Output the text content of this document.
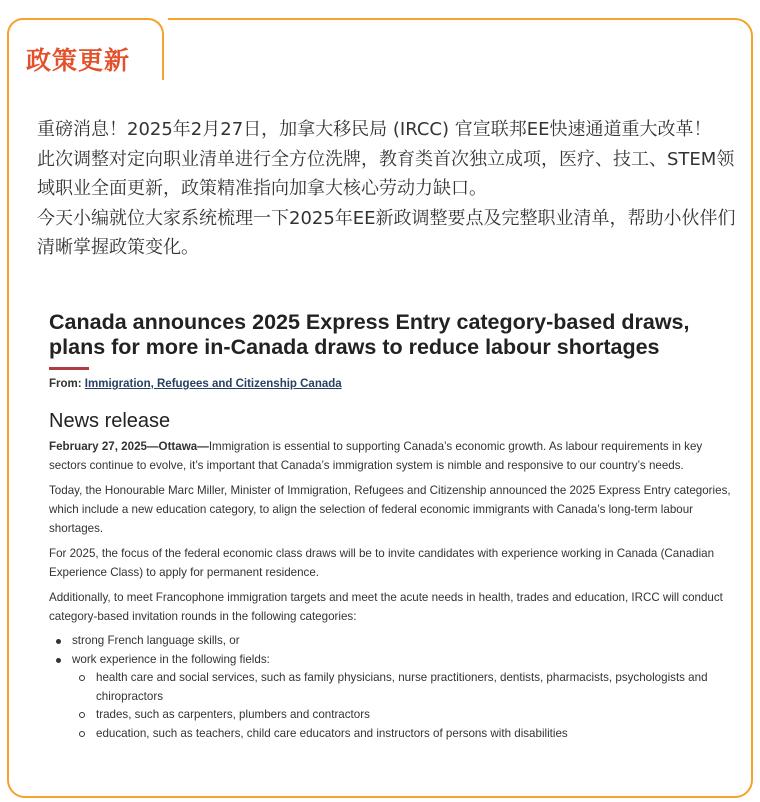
政策更新

重磅消息！2025年2月27日，加拿大移民局 (IRCC) 官宣联邦EE快速通道重大改革！

此次调整对定向职业清单进行全方位洗牌，教育类首次独立成项，医疗、技工、STEM领域职业全面更新，政策精准指向加拿大核心劳动力缺口。

今天小编就位大家系统梳理一下2025年EE新政调整要点及完整职业清单，帮助小伙伴们清晰掌握政策变化。

Canada announces 2025 Express Entry category-based draws, plans for more in-Canada draws to reduce labour shortages
From: Immigration, Refugees and Citizenship Canada
News release

February 27, 2025—Ottawa—Immigration is essential to supporting Canada’s economic growth. As labour requirements in key sectors continue to evolve, it’s important that Canada’s immigration system is nimble and responsive to our country’s needs.

Today, the Honourable Marc Miller, Minister of Immigration, Refugees and Citizenship announced the 2025 Express Entry categories, which include a new education category, to align the selection of federal economic immigrants with Canada’s long-term labour shortages.

For 2025, the focus of the federal economic class draws will be to invite candidates with experience working in Canada (Canadian Experience Class) to apply for permanent residence.

Additionally, to meet Francophone immigration targets and meet the acute needs in health, trades and education, IRCC will conduct category-based invitation rounds in the following categories:

strong French language skills, or
work experience in the following fields:
health care and social services, such as family physicians, nurse practitioners, dentists, pharmacists, psychologists and chiropractors
trades, such as carpenters, plumbers and contractors
education, such as teachers, child care educators and instructors of persons with disabilities
